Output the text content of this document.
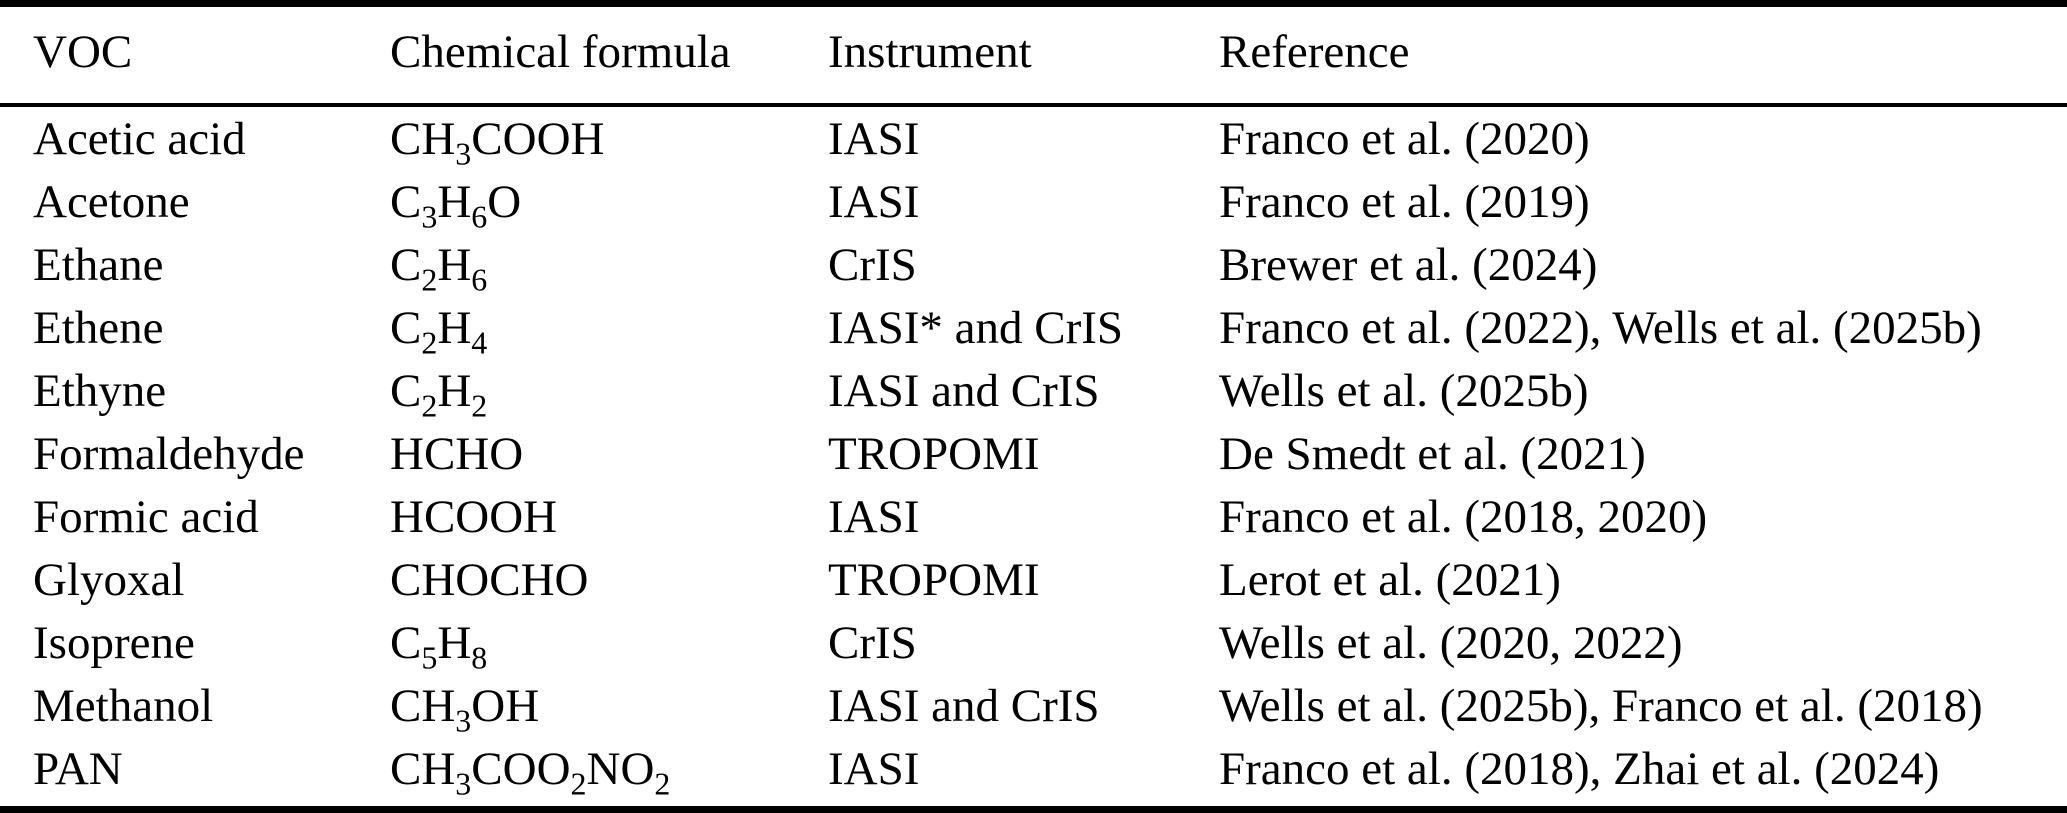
VOC	Chemical formula	Instrument	Reference
Acetic acid	$CH_3COOH$	IASI	Franco et al. (2020)
Acetone	$C_3H_6O$	IASI	Franco et al. (2019)
Ethane	$C_2H_6$	CrIS	Brewer et al. (2024)
Ethene	$C_2H_4$	IASI* and CrIS	Franco et al. (2022), Wells et al. (2025b)
Ethyne	$C_2H_2$	IASI and CrIS	Wells et al. (2025b)
Formaldehyde	HCHO	TROPOMI	De Smedt et al. (2021)
Formic acid	HCOOH	IASI	Franco et al. (2018, 2020)
Glyoxal	CHOCHO	TROPOMI	Lerot et al. (2021)
Isoprene	$C_5H_8$	CrIS	Wells et al. (2020, 2022)
Methanol	$CH_3OH$	IASI and CrIS	Wells et al. (2025b), Franco et al. (2018)
PAN	$CH_3COO_2NO_2$	IASI	Franco et al. (2018), Zhai et al. (2024)
